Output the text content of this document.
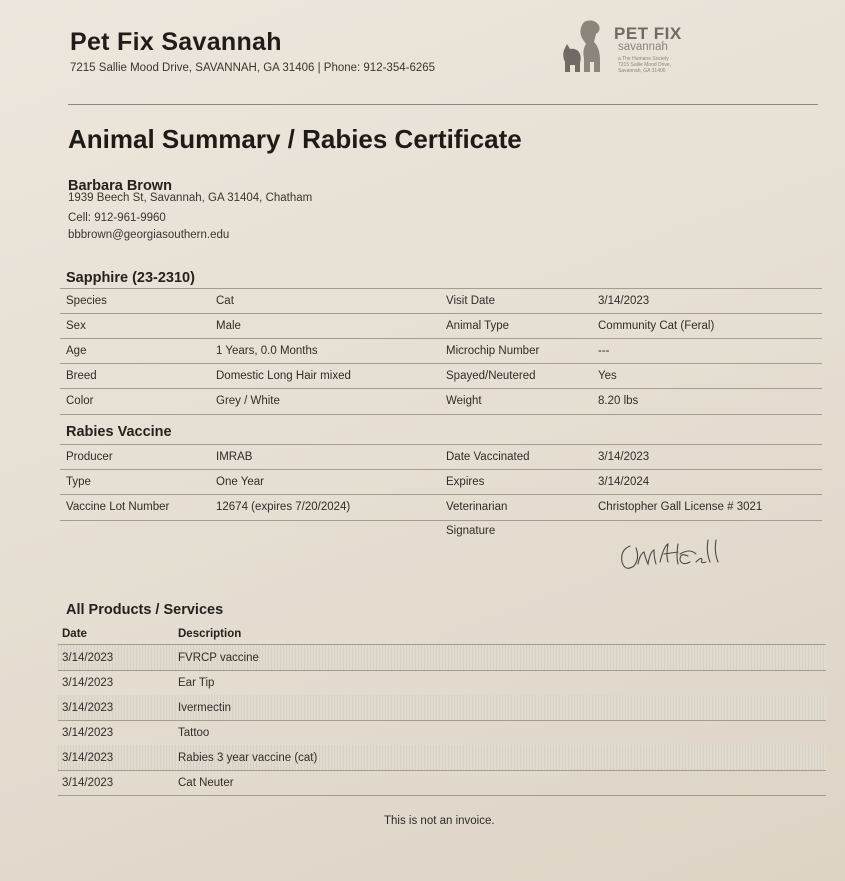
Pet Fix Savannah
7215 Sallie Mood Drive, SAVANNAH, GA 31406 | Phone: 912-354-6265
PET FIX
savannah
a The Humane Society · 7215 Sallie Mood Drive, Savannah, GA 31406
Animal Summary / Rabies Certificate
Barbara Brown
1939 Beech St, Savannah, GA 31404, Chatham
Cell: 912-961-9960
bbbrown@georgiasouthern.edu
Sapphire (23-2310)
Species	Cat	Visit Date	3/14/2023
Sex	Male	Animal Type	Community Cat (Feral)
Age	1 Years, 0.0 Months	Microchip Number	---
Breed	Domestic Long Hair mixed	Spayed/Neutered	Yes
Color	Grey / White	Weight	8.20 lbs
Rabies Vaccine
Producer	IMRAB	Date Vaccinated	3/14/2023
Type	One Year	Expires	3/14/2024
Vaccine Lot Number	12674 (expires 7/20/2024)	Veterinarian	Christopher Gall License # 3021
Signature
All Products / Services
Date	Description
3/14/2023	FVRCP vaccine
3/14/2023	Ear Tip
3/14/2023	Ivermectin
3/14/2023	Tattoo
3/14/2023	Rabies 3 year vaccine (cat)
3/14/2023	Cat Neuter
This is not an invoice.
